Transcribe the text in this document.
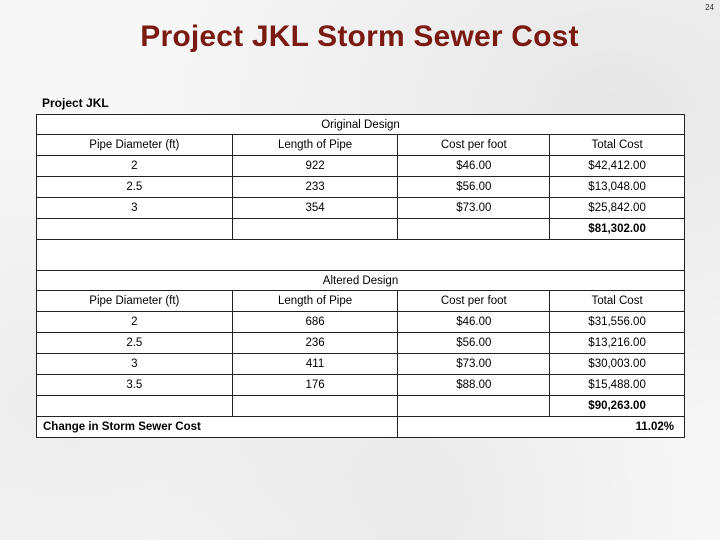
24
Project JKL Storm Sewer Cost
Project JKL
Original Design			
Pipe Diameter (ft)	Length of Pipe	Cost per foot	Total Cost
2	922	$46.00	$42,412.00
2.5	233	$56.00	$13,048.00
3	354	$73.00	$25,842.00
			$81,302.00

Altered Design			
Pipe Diameter (ft)	Length of Pipe	Cost per foot	Total Cost
2	686	$46.00	$31,556.00
2.5	236	$56.00	$13,216.00
3	411	$73.00	$30,003.00
3.5	176	$88.00	$15,488.00
			$90,263.00
Change in Storm Sewer Cost		11.02%	
